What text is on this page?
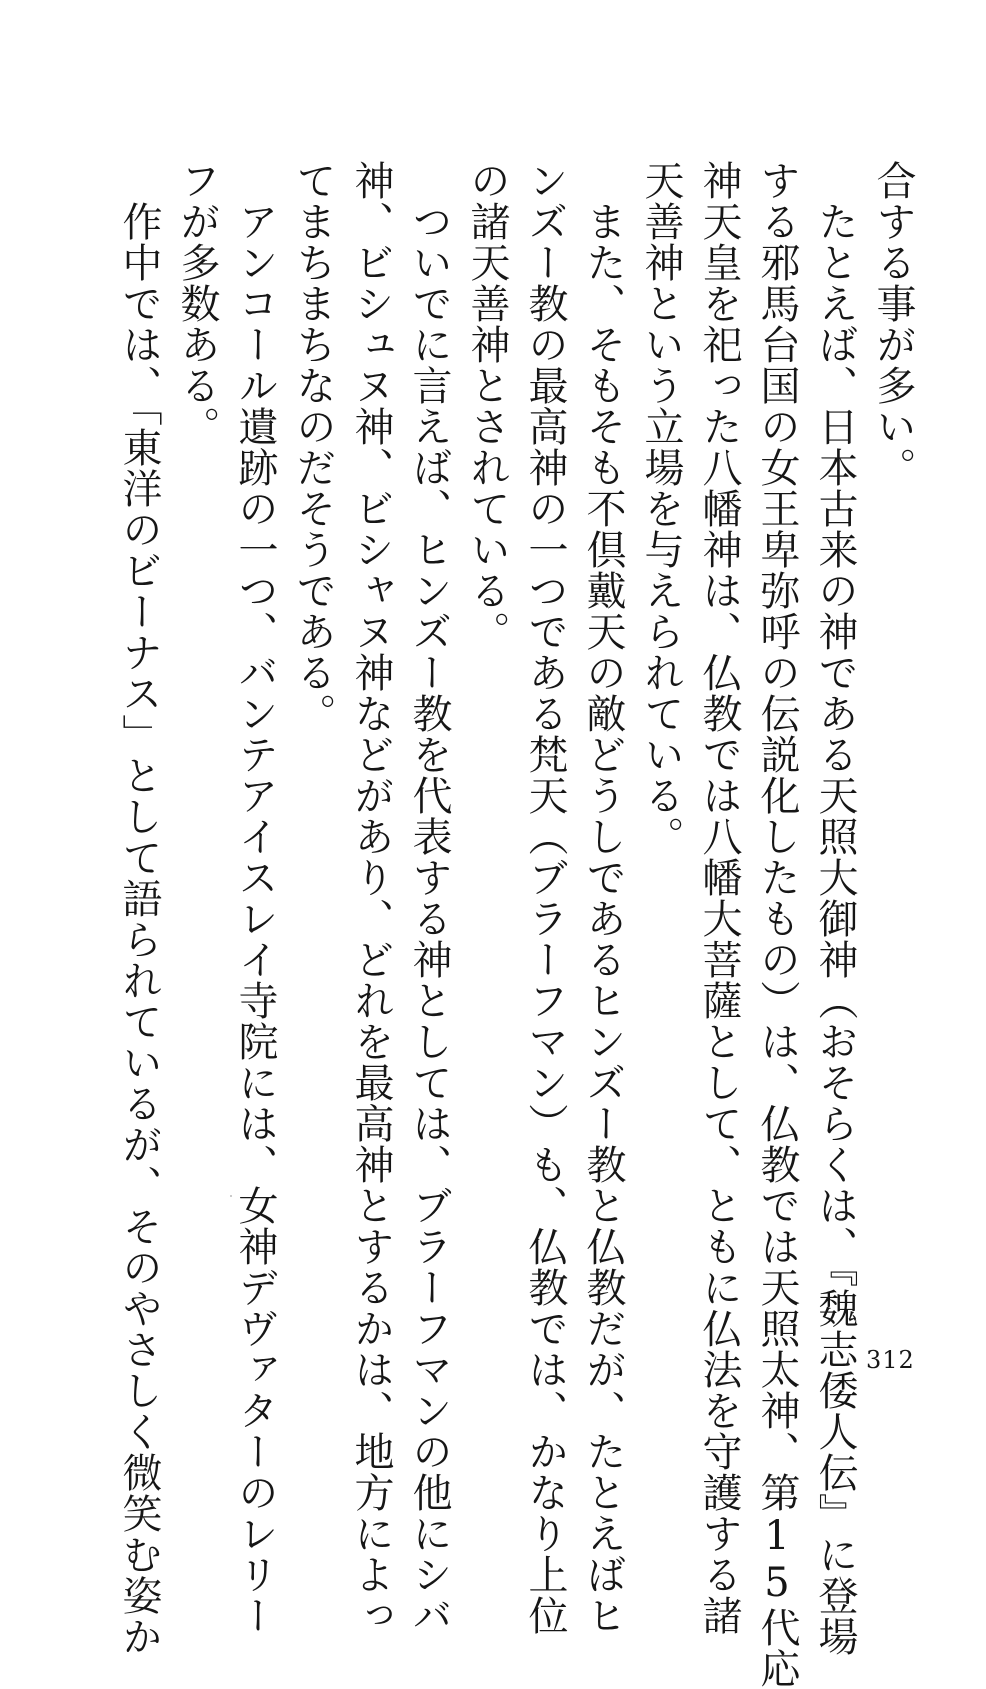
　たとえば、日本古来の神である天照大御神（おそらくは、『魏志倭人伝』に登場
する邪馬台国の女王卑弥呼の伝説化したもの）は、仏教では天照太神、第15代応
神天皇を祀った八幡神は、仏教では八幡大菩薩として、ともに仏法を守護する諸
天善神という立場を与えられている。
　また、そもそも不倶戴天の敵どうしであるヒンズー教と仏教だが、たとえばヒ
ンズー教の最高神の一つである梵天（ブラーフマン）も、仏教では、かなり上位
の諸天善神とされている。
　ついでに言えば、ヒンズー教を代表する神としては、ブラーフマンの他にシバ
神、ビシュヌ神、ビシャヌ神などがあり、どれを最高神とするかは、地方によっ
てまちまちなのだそうである。
　アンコール遺跡の一つ、バンテアイスレイ寺院には、女神デヴァターのレリー
フが多数ある。
　作中では、「東洋のビーナス」として語られているが、そのやさしく微笑む姿か	合する事が多い。
312
